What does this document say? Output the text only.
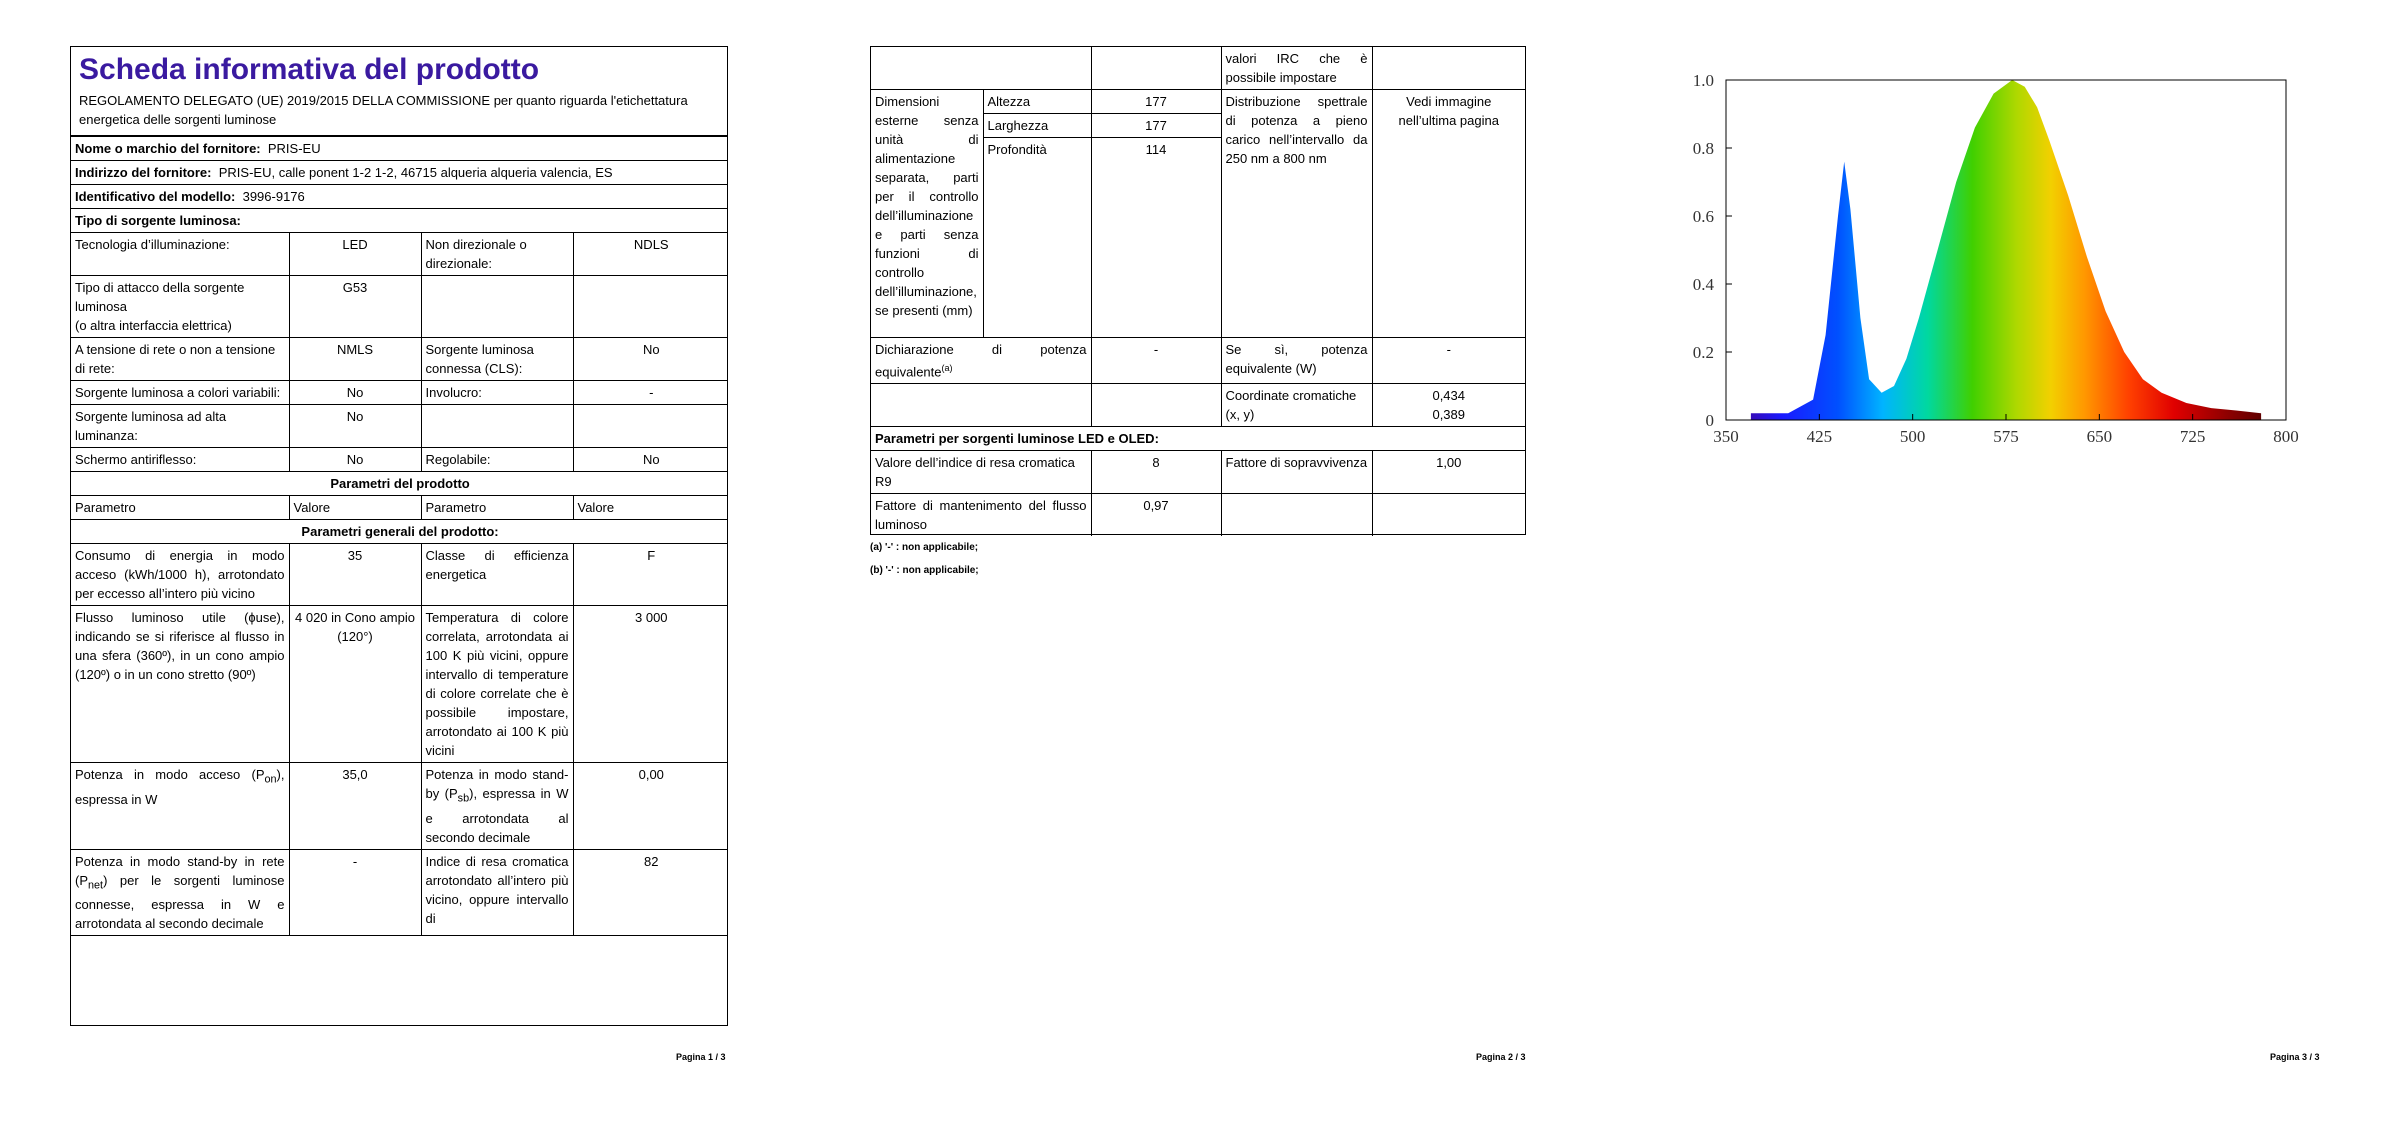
Scheda informativa del prodotto
REGOLAMENTO DELEGATO (UE) 2019/2015 DELLA COMMISSIONE per quanto riguarda l'etichettatura energetica delle sorgenti luminose
Nome o marchio del fornitore: PRIS-EU			
Indirizzo del fornitore: PRIS-EU, calle ponent 1-2 1-2, 46715 alqueria alqueria valencia, ES			
Identificativo del modello: 3996-9176			
Tipo di sorgente luminosa:			
Tecnologia d’illuminazione:	LED	Non direzionale o direzionale:	NDLS
Tipo di attacco della sorgente luminosa
(o altra interfaccia elettrica)	G53		
A tensione di rete o non a tensione di rete:	NMLS	Sorgente luminosa connessa (CLS):	No
Sorgente luminosa a colori variabili:	No	Involucro:	-
Sorgente luminosa ad alta luminanza:	No		
Schermo antiriflesso:	No	Regolabile:	No
Parametri del prodotto			
Parametro	Valore	Parametro	Valore
Parametri generali del prodotto:			
Consumo di energia in modo acceso (kWh/1000 h), arrotondato per eccesso all’intero più vicino	35	Classe di efficienza energetica	F
Flusso luminoso utile (ɸuse), indicando se si riferisce al flusso in una sfera (360º), in un cono ampio (120º) o in un cono stretto (90º)	4 020 in Cono ampio (120°)	Temperatura di colore correlata, arrotondata ai 100 K più vicini, oppure intervallo di temperature di colore correlate che è possibile impostare, arrotondato ai 100 K più vicini	3 000
Potenza in modo acceso $(P_{on})$, espressa in W	35,0	Potenza in modo stand-by $(P_{sb})$, espressa in W e arrotondata al secondo decimale	0,00
Potenza in modo stand-by in rete $(P_{net})$ per le sorgenti luminose connesse, espressa in W e arrotondata al secondo decimale	-	Indice di resa cromatica arrotondato all’intero più vicino, oppure intervallo di	82
Pagina 1 / 3
			valori IRC che è possibile impostare	
Dimensioni esterne senza unità di alimentazione separata, parti per il controllo dell’illuminazione e parti senza funzioni di controllo dell’illuminazione, se presenti (mm)	Altezza	177	Distribuzione spettrale di potenza a pieno carico nell’intervallo da 250 nm a 800 nm	Vedi immagine nell’ultima pagina
	Larghezza	177		
	Profondità	114		
Dichiarazione di potenza equivalente$^{(a)}$		-	Se sì, potenza equivalente (W)	-
			Coordinate cromatiche (x, y)	0,434
0,389
Parametri per sorgenti luminose LED e OLED:				
Valore dell’indice di resa cromatica R9		8	Fattore di sopravvivenza	1,00
Fattore di mantenimento del flusso luminoso		0,97		
(a) '-' : non applicabile;
(b) '-' : non applicabile;
Pagina 2 / 3
350	425	500	575	650	725	800
0
0.2
0.4
0.6
0.8
1.0
Pagina 3 / 3
